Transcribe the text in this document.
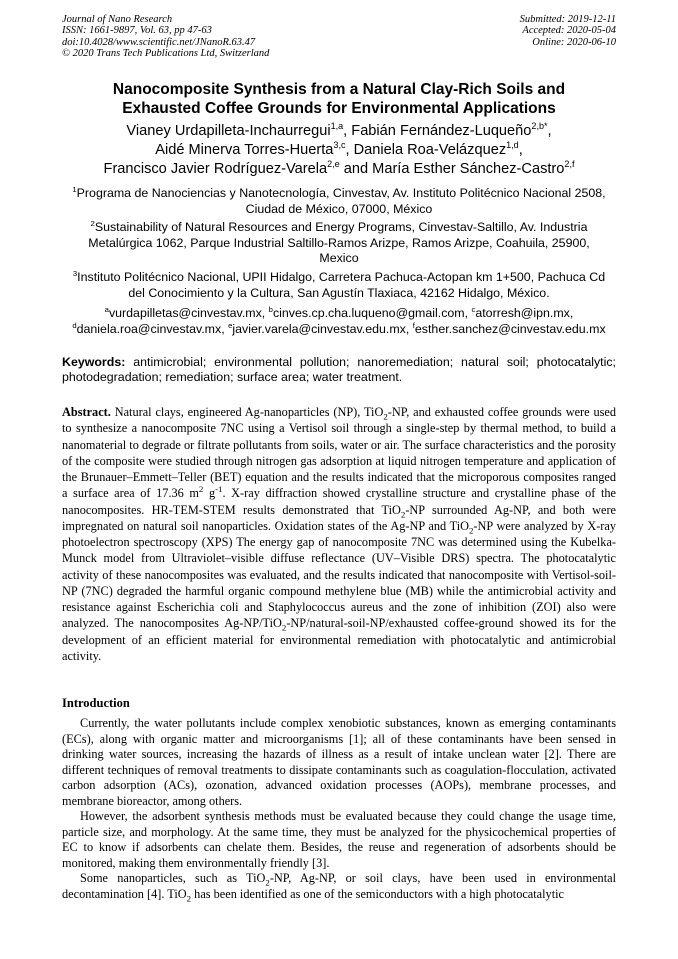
Journal of Nano Research
ISSN: 1661-9897, Vol. 63, pp 47-63
doi:10.4028/www.scientific.net/JNanoR.63.47
© 2020 Trans Tech Publications Ltd, Switzerland
Submitted: 2019-12-11
Accepted: 2020-05-04
Online: 2020-06-10
Nanocomposite Synthesis from a Natural Clay-Rich Soils and
Exhausted Coffee Grounds for Environmental Applications
Vianey Urdapilleta-Inchaurregui$^{1,a}$, Fabián Fernández-Luqueño$^{2,b*}$,
Aidé Minerva Torres-Huerta$^{3,c}$, Daniela Roa-Velázquez$^{1,d}$,
Francisco Javier Rodríguez-Varela$^{2,e}$ and María Esther Sánchez-Castro$^{2,f}$
$^1$Programa de Nanociencias y Nanotecnología, Cinvestav, Av. Instituto Politécnico Nacional 2508,
Ciudad de México, 07000, México
$^2$Sustainability of Natural Resources and Energy Programs, Cinvestav-Saltillo, Av. Industria
Metalúrgica 1062, Parque Industrial Saltillo-Ramos Arizpe, Ramos Arizpe, Coahuila, 25900,
Mexico
$^3$Instituto Politécnico Nacional, UPII Hidalgo, Carretera Pachuca-Actopan km 1+500, Pachuca Cd
del Conocimiento y la Cultura, San Agustín Tlaxiaca, 42162 Hidalgo, México.
$^a$vurdapilletas@cinvestav.mx, $^b$cinves.cp.cha.luqueno@gmail.com, $^c$atorresh@ipn.mx,
$^d$daniela.roa@cinvestav.mx, $^e$javier.varela@cinvestav.edu.mx, $^f$esther.sanchez@cinvestav.edu.mx
Keywords: antimicrobial; environmental pollution; nanoremediation; natural soil; photocatalytic; photodegradation; remediation; surface area; water treatment.
Abstract. Natural clays, engineered Ag-nanoparticles (NP), TiO$_2$-NP, and exhausted coffee grounds were used to synthesize a nanocomposite 7NC using a Vertisol soil through a single-step by thermal method, to build a nanomaterial to degrade or filtrate pollutants from soils, water or air. The surface characteristics and the porosity of the composite were studied through nitrogen gas adsorption at liquid nitrogen temperature and application of the Brunauer–Emmett–Teller (BET) equation and the results indicated that the microporous composites ranged a surface area of 17.36 $m^2$ $g^{-1}$. X-ray diffraction showed crystalline structure and crystalline phase of the nanocomposites. HR-TEM-STEM results demonstrated that TiO$_2$-NP surrounded Ag-NP, and both were impregnated on natural soil nanoparticles. Oxidation states of the Ag-NP and TiO$_2$-NP were analyzed by X-ray photoelectron spectroscopy (XPS) The energy gap of nanocomposite 7NC was determined using the Kubelka-Munck model from Ultraviolet–visible diffuse reflectance (UV–Visible DRS) spectra. The photocatalytic activity of these nanocomposites was evaluated, and the results indicated that nanocomposite with Vertisol-soil-NP (7NC) degraded the harmful organic compound methylene blue (MB) while the antimicrobial activity and resistance against Escherichia coli and Staphylococcus aureus and the zone of inhibition (ZOI) also were analyzed. The nanocomposites Ag-NP/TiO$_2$-NP/natural-soil-NP/exhausted coffee-ground showed its for the development of an efficient material for environmental remediation with photocatalytic and antimicrobial activity.
Introduction

Currently, the water pollutants include complex xenobiotic substances, known as emerging contaminants (ECs), along with organic matter and microorganisms [1]; all of these contaminants have been sensed in drinking water sources, increasing the hazards of illness as a result of intake unclean water [2]. There are different techniques of removal treatments to dissipate contaminants such as coagulation-flocculation, activated carbon adsorption (ACs), ozonation, advanced oxidation processes (AOPs), membrane processes, and membrane bioreactor, among others.

However, the adsorbent synthesis methods must be evaluated because they could change the usage time, particle size, and morphology. At the same time, they must be analyzed for the physicochemical properties of EC to know if adsorbents can chelate them. Besides, the reuse and regeneration of adsorbents should be monitored, making them environmentally friendly [3].

Some nanoparticles, such as TiO$_2$-NP, Ag-NP, or soil clays, have been used in environmental decontamination [4]. TiO$_2$ has been identified as one of the semiconductors with a high photocatalytic
